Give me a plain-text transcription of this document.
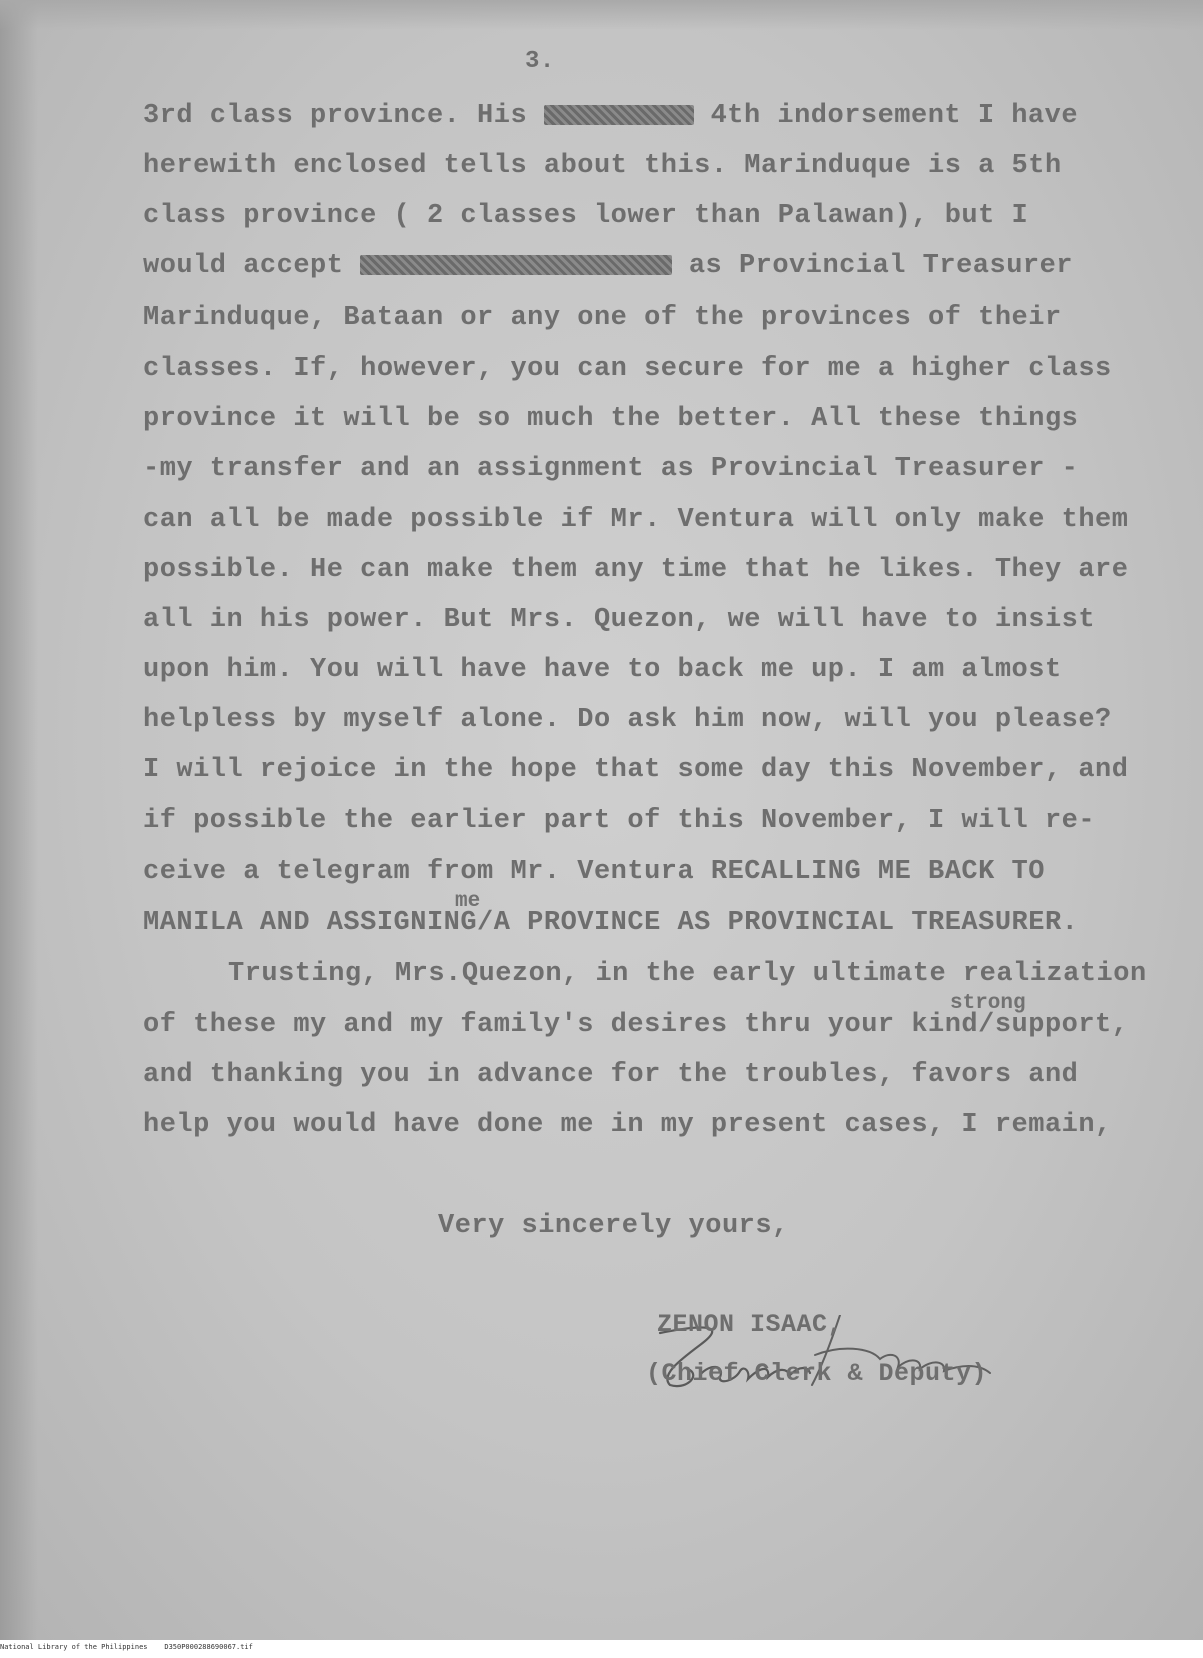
3.
3rd class province. His	4th indorsement I have
herewith enclosed tells about this. Marinduque is a 5th
class province ( 2 classes lower than Palawan), but I
would accept	as Provincial Treasurer
Marinduque, Bataan or any one of the provinces of their
classes. If, however, you can secure for me a higher class
province it will be so much the better. All these things
-my transfer and an assignment as Provincial Treasurer -
can all be made possible if Mr. Ventura will only make them
possible. He can make them any time that he likes. They are
all in his power. But Mrs. Quezon, we will have to insist
upon him. You will have have to back me up. I am almost
helpless by myself alone. Do ask him now, will you please?
I will rejoice in the hope that some day this November, and
if possible the earlier part of this November, I will re-
ceive a telegram from Mr. Ventura RECALLING ME BACK TO
me
MANILA AND ASSIGNING/A PROVINCE AS PROVINCIAL TREASURER.
Trusting, Mrs.Quezon, in the early ultimate realization
strong
of these my and my family's desires thru your kind/support,
and thanking you in advance for the troubles, favors and
help you would have done me in my present cases, I remain,
Very sincerely yours,
ZENON ISAAC,
(Chief Clerk & Deputy)
National Library of the Philippines    D350P000288690067.tif
